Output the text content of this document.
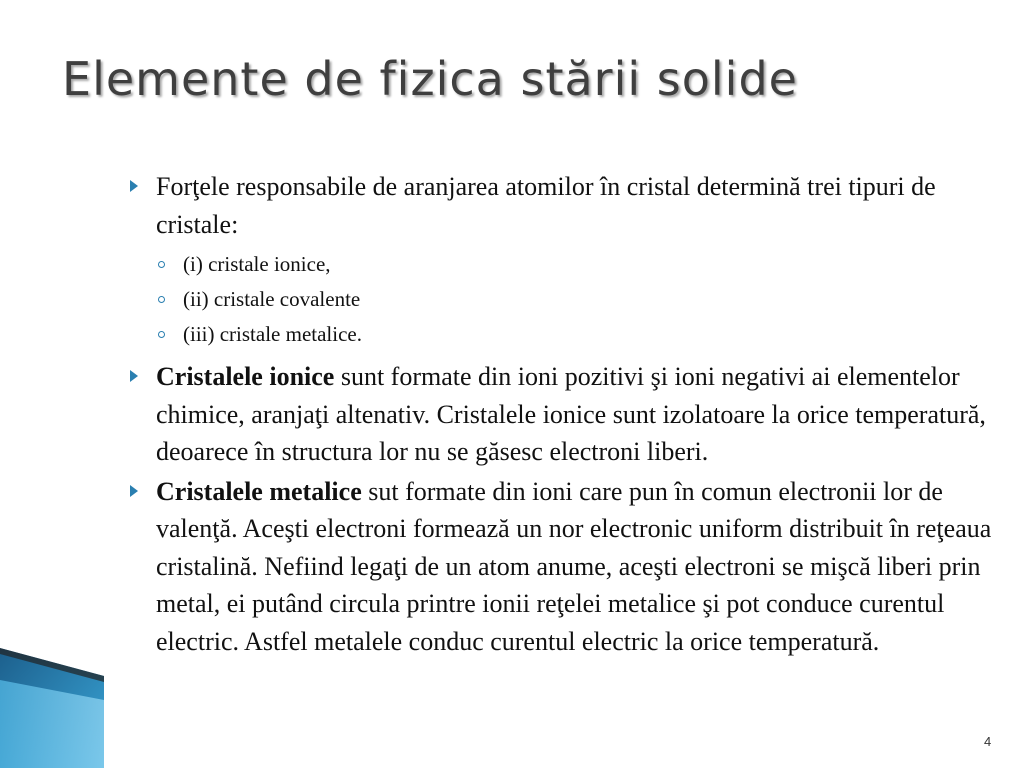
Elemente de fizica stării solide
Forţele responsabile de aranjarea atomilor în cristal determină trei tipuri de cristale:
(i) cristale ionice,
(ii) cristale covalente
(iii) cristale metalice.
Cristalele ionice sunt formate din ioni pozitivi şi ioni negativi ai elementelor chimice, aranjaţi altenativ. Cristalele ionice sunt izolatoare la orice temperatură, deoarece în structura lor nu se găsesc electroni liberi.
Cristalele metalice sut formate din ioni care pun în comun electronii lor de valenţă. Aceşti electroni formează un nor electronic uniform distribuit în reţeaua cristalină. Nefiind legaţi de un atom anume, aceşti electroni se mişcă liberi prin metal, ei putând circula printre ionii reţelei metalice şi pot conduce curentul electric. Astfel metalele conduc curentul electric la orice temperatură.
4
